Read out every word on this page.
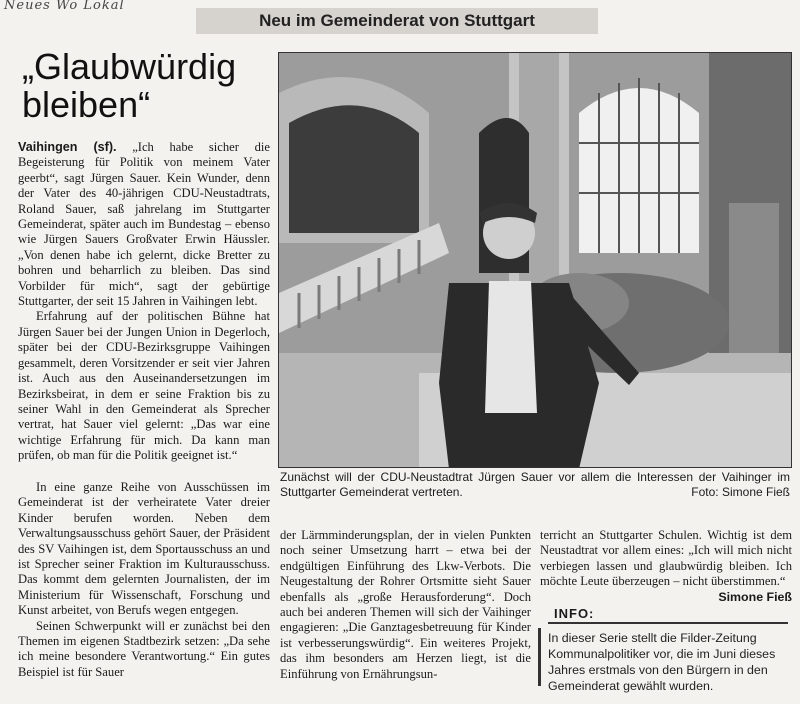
Neues Wo Lokal
Neu im Gemeinderat von Stuttgart
„Glaubwürdig
bleiben“

Vaihingen (sf). „Ich habe sicher die Begeisterung für Politik von meinem Vater geerbt“, sagt Jürgen Sauer. Kein Wunder, denn der Vater des 40-jährigen CDU-Neustadtrats, Roland Sauer, saß jahrelang im Stuttgarter Gemeinderat, später auch im Bundestag – ebenso wie Jürgen Sauers Großvater Erwin Häussler. „Von denen habe ich gelernt, dicke Bretter zu bohren und beharrlich zu bleiben. Das sind Vorbilder für mich“, sagt der gebürtige Stuttgarter, der seit 15 Jahren in Vaihingen lebt.

Erfahrung auf der politischen Bühne hat Jürgen Sauer bei der Jungen Union in Degerloch, später bei der CDU-Bezirksgruppe Vaihingen gesammelt, deren Vorsitzender er seit vier Jahren ist. Auch aus den Auseinandersetzungen im Bezirksbeirat, in dem er seine Fraktion bis zu seiner Wahl in den Gemeinderat als Sprecher vertrat, hat Sauer viel gelernt: „Das war eine wichtige Erfahrung für mich. Da kann man prüfen, ob man für die Politik geeignet ist.“

In eine ganze Reihe von Ausschüssen im Gemeinderat ist der verheiratete Vater dreier Kinder berufen worden. Neben dem Verwaltungsausschuss gehört Sauer, der Präsident des SV Vaihingen ist, dem Sportausschuss an und ist Sprecher seiner Fraktion im Kulturausschuss. Das kommt dem gelernten Journalisten, der im Ministerium für Wissenschaft, Forschung und Kunst arbeitet, von Berufs wegen entgegen.

Seinen Schwerpunkt will er zunächst bei den Themen im eigenen Stadtbezirk setzen: „Da sehe ich meine besondere Verantwortung.“ Ein gutes Beispiel ist für Sauer

Zunächst will der CDU-Neustadtrat Jürgen Sauer vor allem die Interessen der Vaihinger im Stuttgarter Gemeinderat vertreten.	Foto: Simone Fieß

der Lärmminderungsplan, der in vielen Punkten noch seiner Umsetzung harrt – etwa bei der endgültigen Einführung des Lkw-Verbots. Die Neugestaltung der Rohrer Ortsmitte sieht Sauer ebenfalls als „große Herausforderung“. Doch auch bei anderen Themen will sich der Vaihinger engagieren: „Die Ganztagesbetreuung für Kinder ist verbesserungswürdig“. Ein weiteres Projekt, das ihm besonders am Herzen liegt, ist die Einführung von Ernährungsun-

terricht an Stuttgarter Schulen. Wichtig ist dem Neustadtrat vor allem eines: „Ich will mich nicht verbiegen lassen und glaubwürdig bleiben. Ich möchte Leute überzeugen – nicht überstimmen.“
Simone Fieß

INFO:
In dieser Serie stellt die Filder-Zeitung Kommunalpolitiker vor, die im Juni dieses Jahres erstmals von den Bürgern in den Gemeinderat gewählt wurden.
